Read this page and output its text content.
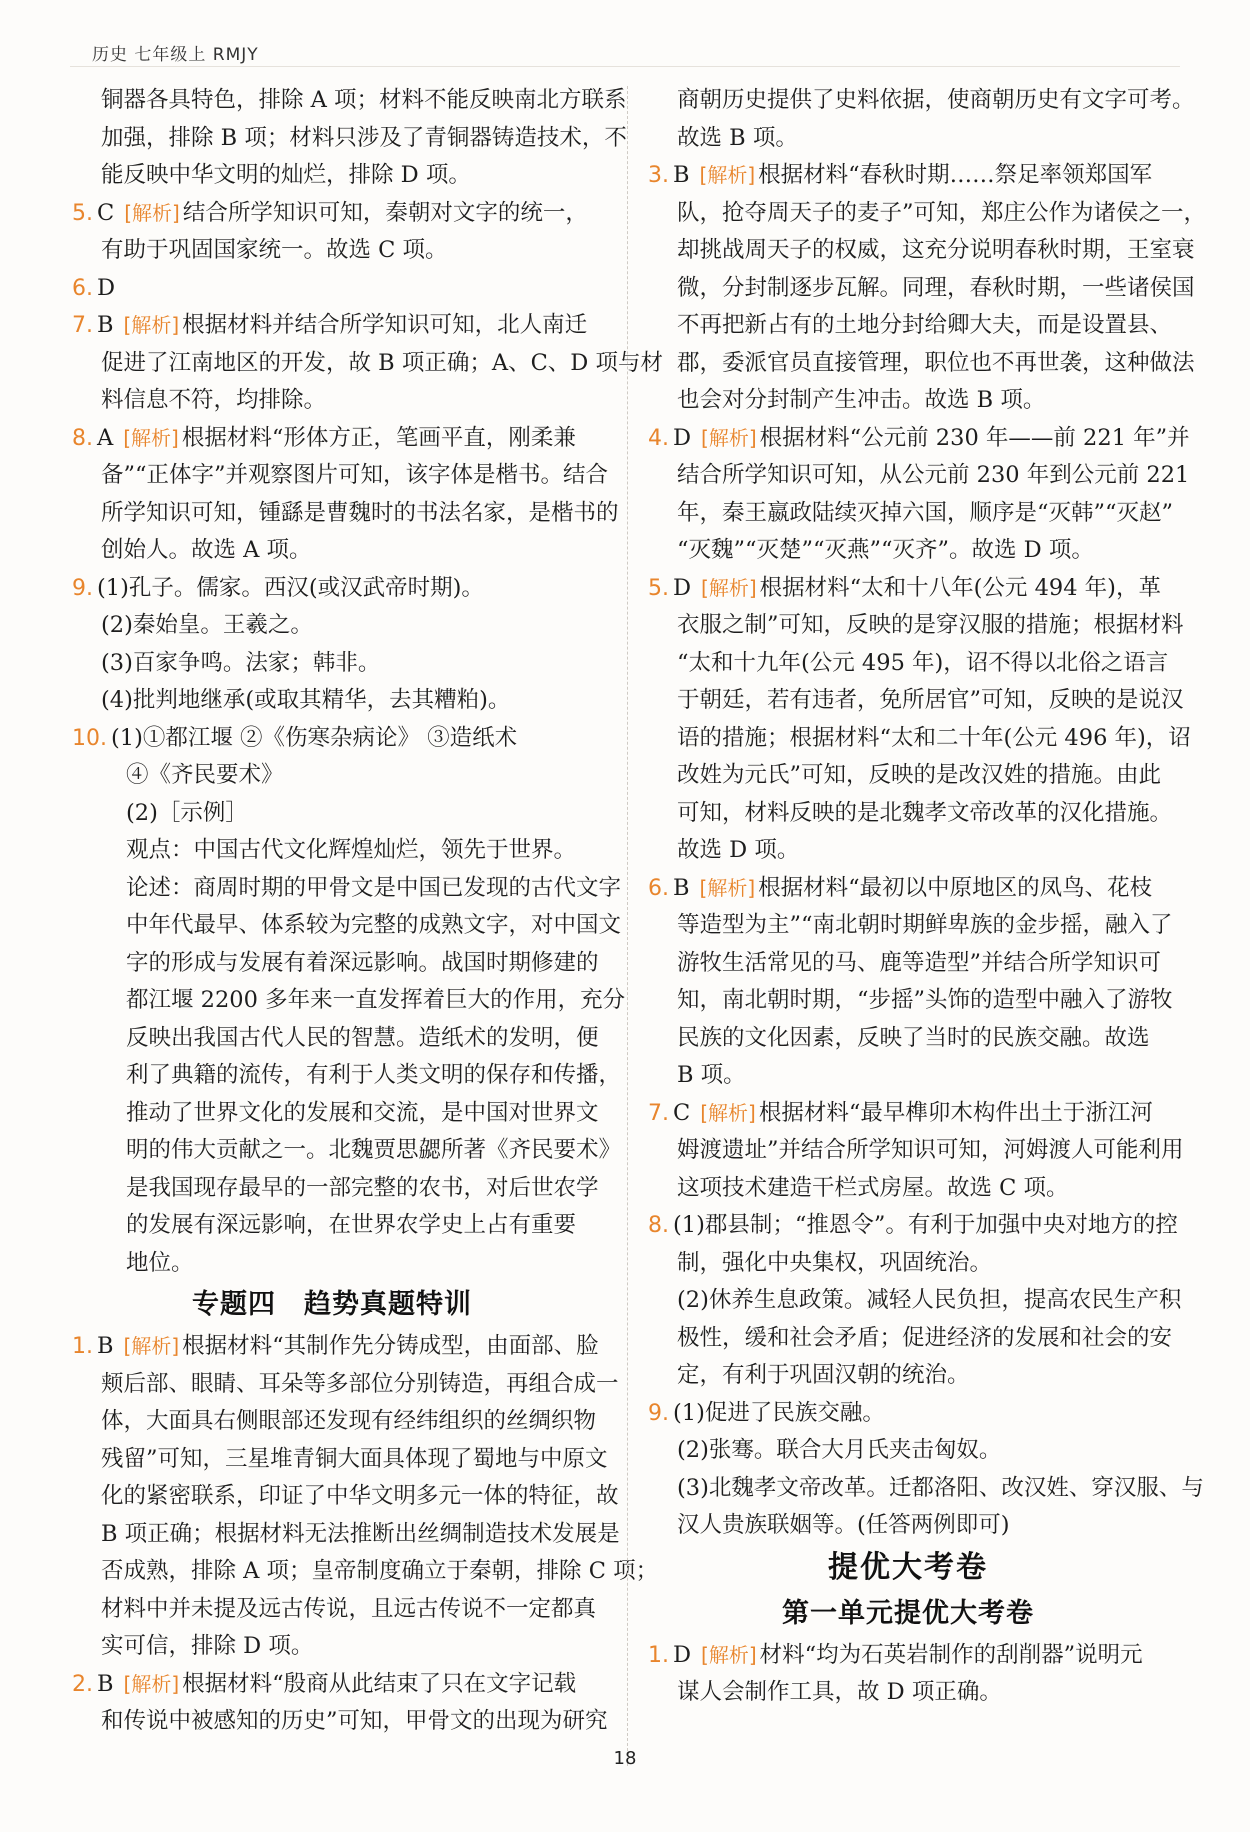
历史 七年级上 RMJY
铜器各具特色，排除 A 项；材料不能反映南北方联系
加强，排除 B 项；材料只涉及了青铜器铸造技术，不
能反映中华文明的灿烂，排除 D 项。
5. C [解析] 结合所学知识可知，秦朝对文字的统一，
有助于巩固国家统一。故选 C 项。
6. D
7. B [解析] 根据材料并结合所学知识可知，北人南迁
促进了江南地区的开发，故 B 项正确；A、C、D 项与材
料信息不符，均排除。
8. A [解析] 根据材料“形体方正，笔画平直，刚柔兼
备”“正体字”并观察图片可知，该字体是楷书。结合
所学知识可知，锺繇是曹魏时的书法名家，是楷书的
创始人。故选 A 项。
9. (1)孔子。儒家。西汉(或汉武帝时期)。
(2)秦始皇。王羲之。
(3)百家争鸣。法家；韩非。
(4)批判地继承(或取其精华，去其糟粕)。
10. (1)①都江堰 ②《伤寒杂病论》 ③造纸术
④《齐民要术》
(2)［示例］
观点：中国古代文化辉煌灿烂，领先于世界。
论述：商周时期的甲骨文是中国已发现的古代文字
中年代最早、体系较为完整的成熟文字，对中国文
字的形成与发展有着深远影响。战国时期修建的
都江堰 2200 多年来一直发挥着巨大的作用，充分
反映出我国古代人民的智慧。造纸术的发明，便
利了典籍的流传，有利于人类文明的保存和传播，
推动了世界文化的发展和交流，是中国对世界文
明的伟大贡献之一。北魏贾思勰所著《齐民要术》
是我国现存最早的一部完整的农书，对后世农学
的发展有深远影响，在世界农学史上占有重要
地位。
专题四　趋势真题特训
1. B [解析] 根据材料“其制作先分铸成型，由面部、脸
颊后部、眼睛、耳朵等多部位分别铸造，再组合成一
体，大面具右侧眼部还发现有经纬组织的丝绸织物
残留”可知，三星堆青铜大面具体现了蜀地与中原文
化的紧密联系，印证了中华文明多元一体的特征，故
B 项正确；根据材料无法推断出丝绸制造技术发展是
否成熟，排除 A 项；皇帝制度确立于秦朝，排除 C 项；
材料中并未提及远古传说，且远古传说不一定都真
实可信，排除 D 项。
2. B [解析] 根据材料“殷商从此结束了只在文字记载
和传说中被感知的历史”可知，甲骨文的出现为研究
商朝历史提供了史料依据，使商朝历史有文字可考。
故选 B 项。
3. B [解析] 根据材料“春秋时期……祭足率领郑国军
队，抢夺周天子的麦子”可知，郑庄公作为诸侯之一，
却挑战周天子的权威，这充分说明春秋时期，王室衰
微，分封制逐步瓦解。同理，春秋时期，一些诸侯国
不再把新占有的土地分封给卿大夫，而是设置县、
郡，委派官员直接管理，职位也不再世袭，这种做法
也会对分封制产生冲击。故选 B 项。
4. D [解析] 根据材料“公元前 230 年——前 221 年”并
结合所学知识可知，从公元前 230 年到公元前 221
年，秦王嬴政陆续灭掉六国，顺序是“灭韩”“灭赵”
“灭魏”“灭楚”“灭燕”“灭齐”。故选 D 项。
5. D [解析] 根据材料“太和十八年(公元 494 年)，革
衣服之制”可知，反映的是穿汉服的措施；根据材料
“太和十九年(公元 495 年)，诏不得以北俗之语言
于朝廷，若有违者，免所居官”可知，反映的是说汉
语的措施；根据材料“太和二十年(公元 496 年)，诏
改姓为元氏”可知，反映的是改汉姓的措施。由此
可知，材料反映的是北魏孝文帝改革的汉化措施。
故选 D 项。
6. B [解析] 根据材料“最初以中原地区的凤鸟、花枝
等造型为主”“南北朝时期鲜卑族的金步摇，融入了
游牧生活常见的马、鹿等造型”并结合所学知识可
知，南北朝时期，“步摇”头饰的造型中融入了游牧
民族的文化因素，反映了当时的民族交融。故选
B 项。
7. C [解析] 根据材料“最早榫卯木构件出土于浙江河
姆渡遗址”并结合所学知识可知，河姆渡人可能利用
这项技术建造干栏式房屋。故选 C 项。
8. (1)郡县制；“推恩令”。有利于加强中央对地方的控
制，强化中央集权，巩固统治。
(2)休养生息政策。减轻人民负担，提高农民生产积
极性，缓和社会矛盾；促进经济的发展和社会的安
定，有利于巩固汉朝的统治。
9. (1)促进了民族交融。
(2)张骞。联合大月氏夹击匈奴。
(3)北魏孝文帝改革。迁都洛阳、改汉姓、穿汉服、与
汉人贵族联姻等。(任答两例即可)
提优大考卷
第一单元提优大考卷
1. D [解析] 材料“均为石英岩制作的刮削器”说明元
谋人会制作工具，故 D 项正确。
18
